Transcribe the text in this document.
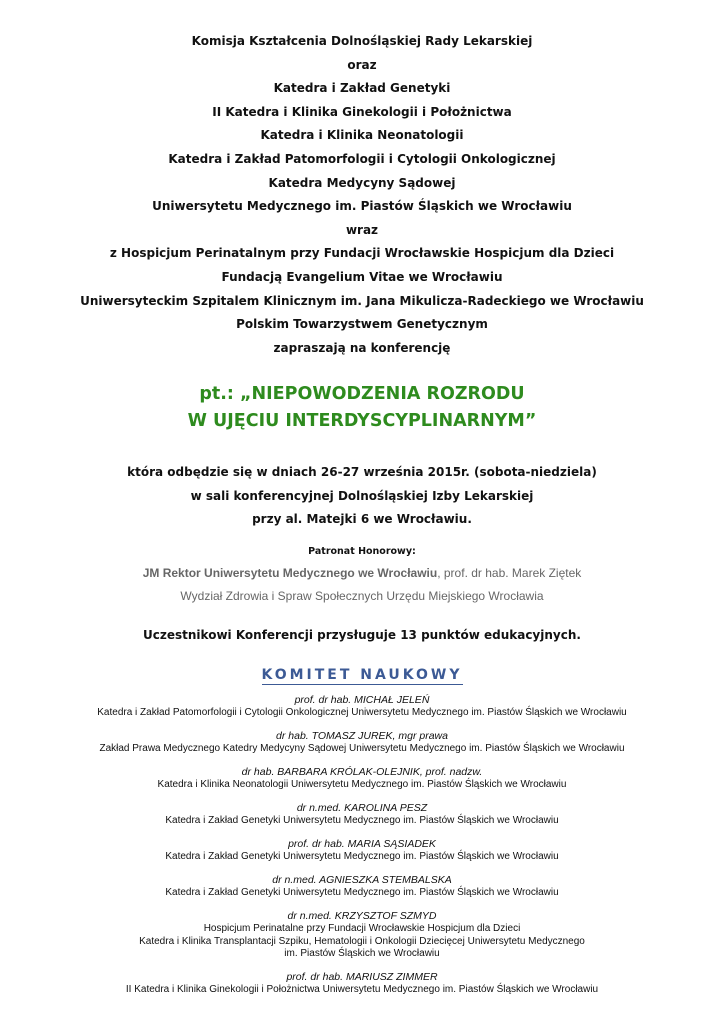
Komisja Kształcenia Dolnośląskiej Rady Lekarskiej

oraz

Katedra i Zakład Genetyki

II Katedra i Klinika Ginekologii i Położnictwa

Katedra i Klinika Neonatologii

Katedra i Zakład Patomorfologii i Cytologii Onkologicznej

Katedra Medycyny Sądowej

Uniwersytetu Medycznego im. Piastów Śląskich we Wrocławiu

wraz

z Hospicjum Perinatalnym przy Fundacji Wrocławskie Hospicjum dla Dzieci

Fundacją Evangelium Vitae we Wrocławiu

Uniwersyteckim Szpitalem Klinicznym im. Jana Mikulicza-Radeckiego we Wrocławiu

Polskim Towarzystwem Genetycznym

zapraszają na konferencję
pt.: „NIEPOWODZENIA ROZRODU
W UJĘCIU INTERDYSCYPLINARNYM”
która odbędzie się w dniach 26-27 września 2015r. (sobota-niedziela)
w sali konferencyjnej Dolnośląskiej Izby Lekarskiej
przy al. Matejki 6 we Wrocławiu.
Patronat Honorowy:
JM Rektor Uniwersytetu Medycznego we Wrocławiu, prof. dr hab. Marek Ziętek
Wydział Zdrowia i Spraw Społecznych Urzędu Miejskiego Wrocławia
Uczestnikowi Konferencji przysługuje 13 punktów edukacyjnych.
KOMITET NAUKOWY
prof. dr hab. MICHAŁ JELEŃ
Katedra i Zakład Patomorfologii i Cytologii Onkologicznej Uniwersytetu Medycznego im. Piastów Śląskich we Wrocławiu
dr hab. TOMASZ JUREK, mgr prawa
Zakład Prawa Medycznego Katedry Medycyny Sądowej Uniwersytetu Medycznego im. Piastów Śląskich we Wrocławiu
dr hab. BARBARA KRÓLAK-OLEJNIK, prof. nadzw.
Katedra i Klinika Neonatologii Uniwersytetu Medycznego im. Piastów Śląskich we Wrocławiu
dr n.med. KAROLINA PESZ
Katedra i Zakład Genetyki Uniwersytetu Medycznego im. Piastów Śląskich we Wrocławiu
prof. dr hab. MARIA SĄSIADEK
Katedra i Zakład Genetyki Uniwersytetu Medycznego im. Piastów Śląskich we Wrocławiu
dr n.med. AGNIESZKA STEMBALSKA
Katedra i Zakład Genetyki Uniwersytetu Medycznego im. Piastów Śląskich we Wrocławiu
dr n.med. KRZYSZTOF SZMYD
Hospicjum Perinatalne przy Fundacji Wrocławskie Hospicjum dla Dzieci
Katedra i Klinika Transplantacji Szpiku, Hematologii i Onkologii Dziecięcej Uniwersytetu Medycznego
im. Piastów Śląskich we Wrocławiu
prof. dr hab. MARIUSZ ZIMMER
II Katedra i Klinika Ginekologii i Położnictwa Uniwersytetu Medycznego im. Piastów Śląskich we Wrocławiu
